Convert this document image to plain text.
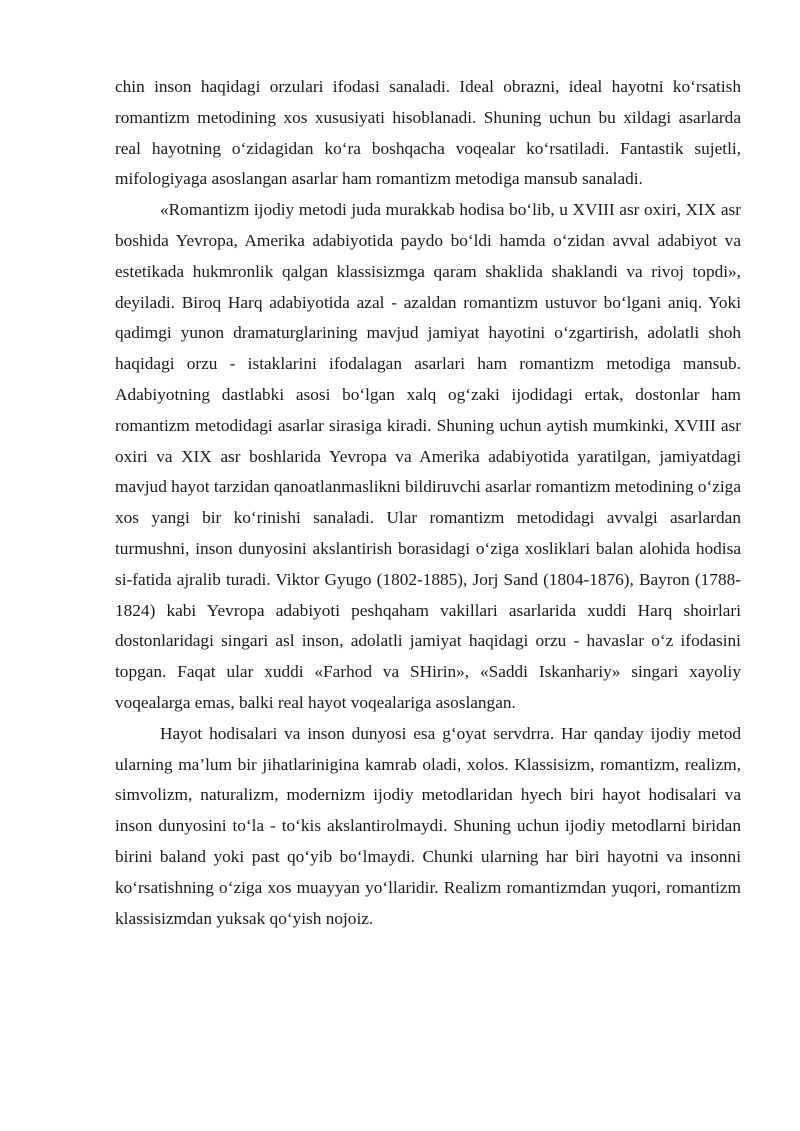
chin inson haqidagi orzulari ifodasi sanaladi. Ideal obrazni, ideal hayotni ko‘rsatish romantizm metodining xos xususiyati hisoblanadi. Shuning uchun bu xildagi asarlarda real hayotning o‘zidagidan ko‘ra boshqacha voqealar ko‘rsatiladi. Fantastik sujetli, mifologiyaga asoslangan asarlar ham romantizm metodiga mansub sanaladi.

«Romantizm ijodiy metodi juda murakkab hodisa bo‘lib, u XVIII asr oxiri, XIX asr boshida Yevropa, Amerika adabiyotida paydo bo‘ldi hamda o‘zidan avval adabiyot va estetikada hukmronlik qalgan klassisizmga qaram shaklida shaklandi va rivoj topdi», deyiladi. Biroq Harq adabiyotida azal - azaldan romantizm ustuvor bo‘lgani aniq. Yoki qadimgi yunon dramaturglarining mavjud jamiyat hayotini o‘zgartirish, adolatli shoh haqidagi orzu - istaklarini ifodalagan asarlari ham romantizm metodiga mansub. Adabiyotning dastlabki asosi bo‘lgan xalq og‘zaki ijodidagi ertak, dostonlar ham romantizm metodidagi asarlar sirasiga kiradi. Shuning uchun aytish mumkinki, XVIII asr oxiri va XIX asr boshlarida Yevropa va Amerika adabiyotida yaratilgan, jamiyatdagi mavjud hayot tarzidan qanoatlanmaslikni bildiruvchi asarlar romantizm metodining o‘ziga xos yangi bir ko‘rinishi sanaladi. Ular romantizm metodidagi avvalgi asarlardan turmushni, inson dunyosini akslantirish borasidagi o‘ziga xosliklari balan alohida hodisa si-fatida ajralib turadi. Viktor Gyugo (1802-1885), Jorj Sand (1804-1876), Bayron (1788-1824) kabi Yevropa adabiyoti peshqaham vakillari asarlarida xuddi Harq shoirlari dostonlaridagi singari asl inson, adolatli jamiyat haqidagi orzu - havaslar o‘z ifodasini topgan. Faqat ular xuddi «Farhod va SHirin», «Saddi Iskanhariy» singari xayoliy voqealarga emas, balki real hayot voqealariga asoslangan.

Hayot hodisalari va inson dunyosi esa g‘oyat servdrra. Har qanday ijodiy metod ularning ma’lum bir jihatlarinigina kamrab oladi, xolos. Klassisizm, romantizm, realizm, simvolizm, naturalizm, modernizm ijodiy metodlaridan hyech biri hayot hodisalari va inson dunyosini to‘la - to‘kis akslantirolmaydi. Shuning uchun ijodiy metodlarni biridan birini baland yoki past qo‘yib bo‘lmaydi. Chunki ularning har biri hayotni va insonni ko‘rsatishning o‘ziga xos muayyan yo‘llaridir. Realizm romantizmdan yuqori, romantizm klassisizmdan yuksak qo‘yish nojoiz.
